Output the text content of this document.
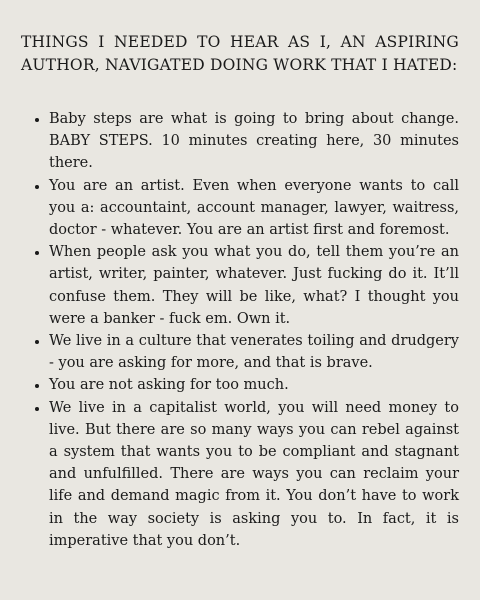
THINGS I NEEDED TO HEAR AS I, AN ASPIRING AUTHOR, NAVIGATED DOING WORK THAT I HATED:
Baby steps are what is going to bring about change. BABY STEPS. 10 minutes creating here, 30 minutes there.
You are an artist. Even when everyone wants to call you a: accountaint, account manager, lawyer, waitress, doctor - whatever. You are an artist first and foremost.
When people ask you what you do, tell them you’re an artist, writer, painter, whatever. Just fucking do it. It’ll confuse them. They will be like, what? I thought you were a banker - fuck em. Own it.
We live in a culture that venerates toiling and drudgery - you are asking for more, and that is brave.
You are not asking for too much.
We live in a capitalist world, you will need money to live. But there are so many ways you can rebel against a system that wants you to be compliant and stagnant and unfulfilled. There are ways you can reclaim your life and demand magic from it. You don’t have to work in the way society is asking you to. In fact, it is imperative that you don’t.
